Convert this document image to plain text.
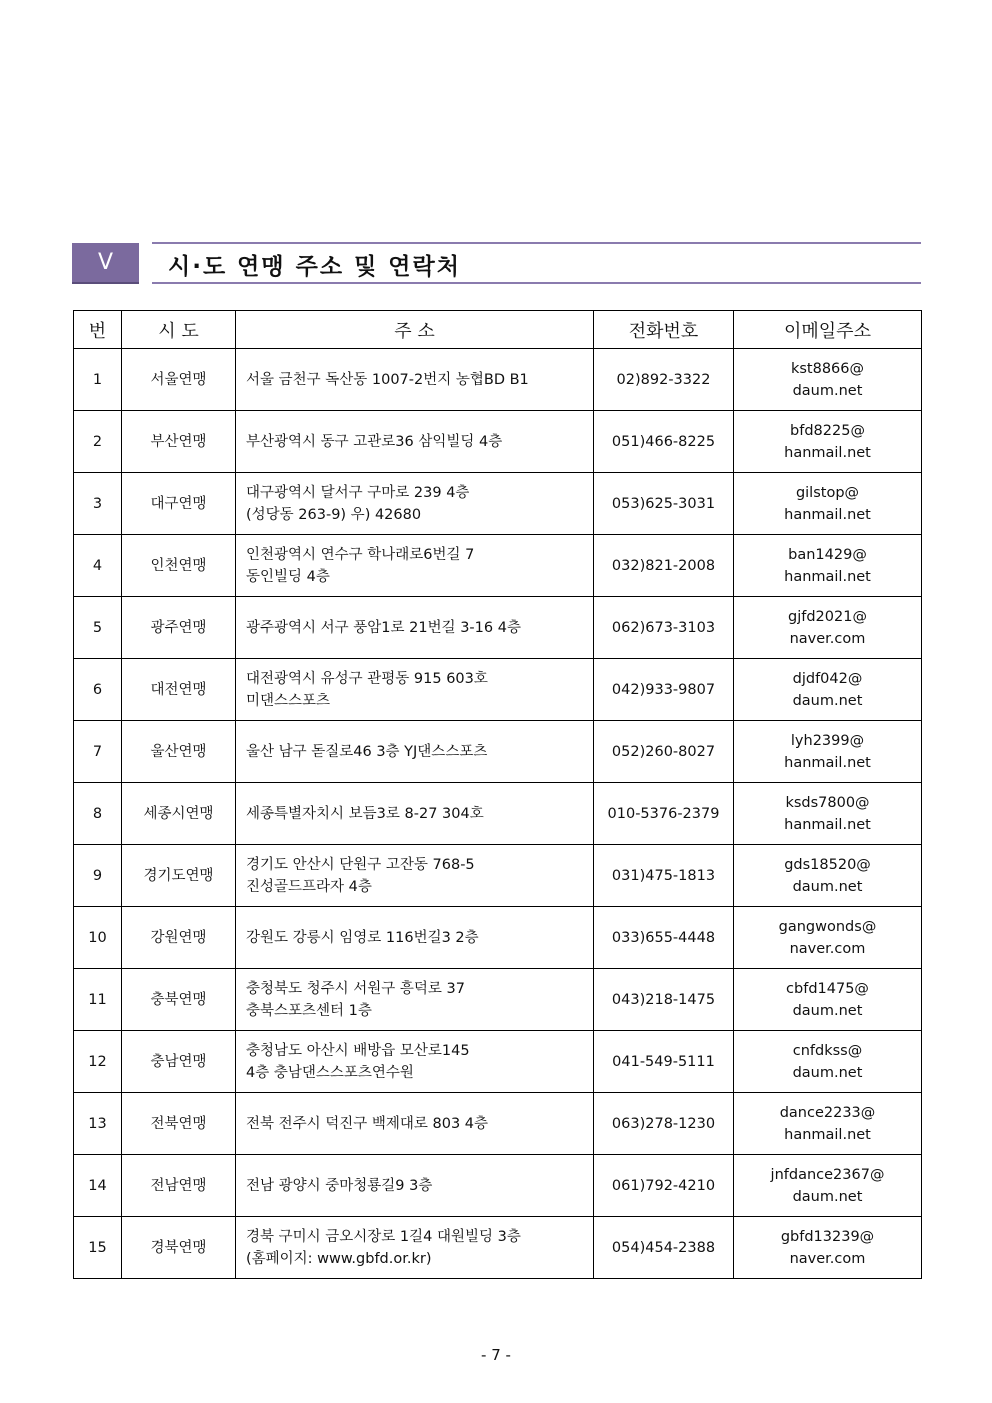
V	시·도 연맹 주소 및 연락처
번	시 도	주 소	전화번호	이메일주소

1	서울연맹	서울 금천구 독산동 1007-2번지 농협BD B1	02)892-3322	kst8866@
daum.net

2	부산연맹	부산광역시 동구 고관로36 삼익빌딩 4층	051)466-8225	bfd8225@
hanmail.net

3	대구연맹	대구광역시 달서구 구마로 239 4층
(성당동 263-9) 우) 42680	053)625-3031	gilstop@
hanmail.net

4	인천연맹	인천광역시 연수구 학나래로6번길 7
동인빌딩 4층	032)821-2008	ban1429@
hanmail.net

5	광주연맹	광주광역시 서구 풍암1로 21번길 3-16 4층	062)673-3103	gjfd2021@
naver.com

6	대전연맹	대전광역시 유성구 관평동 915 603호
미댄스스포츠	042)933-9807	djdf042@
daum.net

7	울산연맹	울산 남구 돋질로46 3층 YJ댄스스포츠	052)260-8027	lyh2399@
hanmail.net

8	세종시연맹	세종특별자치시 보듬3로 8-27 304호	010-5376-2379	ksds7800@
hanmail.net

9	경기도연맹	경기도 안산시 단원구 고잔동 768-5
진성골드프라자 4층	031)475-1813	gds18520@
daum.net

10	강원연맹	강원도 강릉시 임영로 116번길3 2층	033)655-4448	gangwonds@
naver.com

11	충북연맹	충청북도 청주시 서원구 흥덕로 37
충북스포츠센터 1층	043)218-1475	cbfd1475@
daum.net

12	충남연맹	충청남도 아산시 배방읍 모산로145
4층 충남댄스스포츠연수원	041-549-5111	cnfdkss@
daum.net

13	전북연맹	전북 전주시 덕진구 백제대로 803 4층	063)278-1230	dance2233@
hanmail.net

14	전남연맹	전남 광양시 중마청룡길9 3층	061)792-4210	jnfdance2367@
daum.net

15	경북연맹	경북 구미시 금오시장로 1길4 대원빌딩 3층
(홈페이지: www.gbfd.or.kr)	054)454-2388	gbfd13239@
naver.com
- 7 -
